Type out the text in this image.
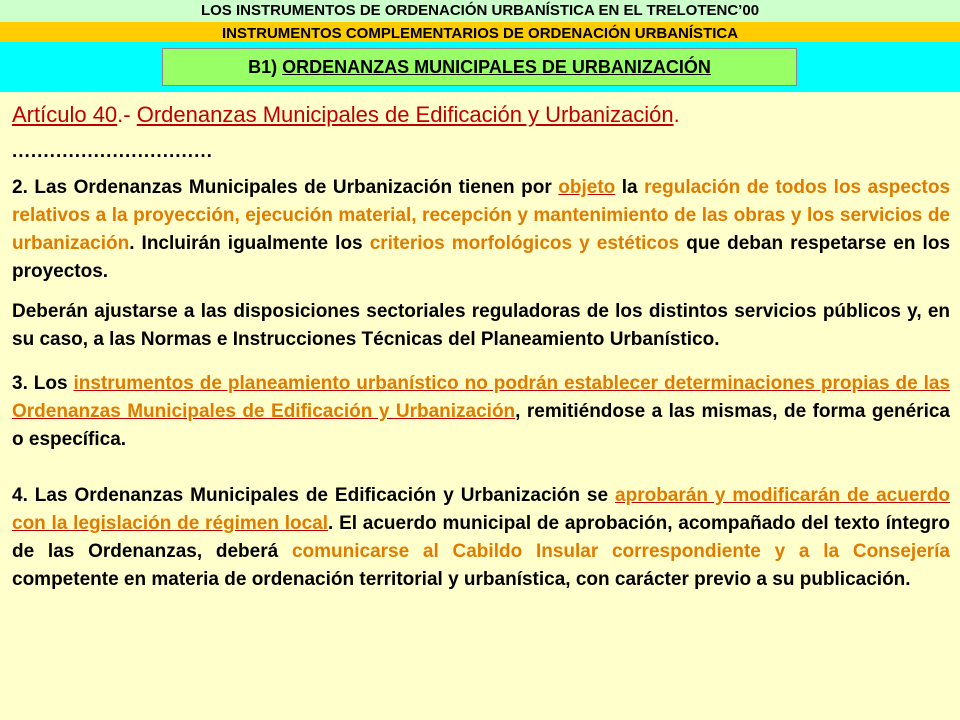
LOS INSTRUMENTOS DE ORDENACIÓN URBANÍSTICA EN EL TRELOTENC’00
INSTRUMENTOS COMPLEMENTARIOS DE ORDENACIÓN URBANÍSTICA
B1) ORDENANZAS MUNICIPALES DE URBANIZACIÓN
Artículo 40.- Ordenanzas Municipales de Edificación y Urbanización.
................................

2. Las Ordenanzas Municipales de Urbanización tienen por objeto la regulación de todos los aspectos relativos a la proyección, ejecución material, recepción y mantenimiento de las obras y los servicios de urbanización. Incluirán igualmente los criterios morfológicos y estéticos que deban respetarse en los proyectos.

Deberán ajustarse a las disposiciones sectoriales reguladoras de los distintos servicios públicos y, en su caso, a las Normas e Instrucciones Técnicas del Planeamiento Urbanístico.

3. Los instrumentos de planeamiento urbanístico no podrán establecer determinaciones propias de las Ordenanzas Municipales de Edificación y Urbanización, remitiéndose a las mismas, de forma genérica o específica.

4. Las Ordenanzas Municipales de Edificación y Urbanización se aprobarán y modificarán de acuerdo con la legislación de régimen local. El acuerdo municipal de aprobación, acompañado del texto íntegro de las Ordenanzas, deberá comunicarse al Cabildo Insular correspondiente y a la Consejería competente en materia de ordenación territorial y urbanística, con carácter previo a su publicación.
